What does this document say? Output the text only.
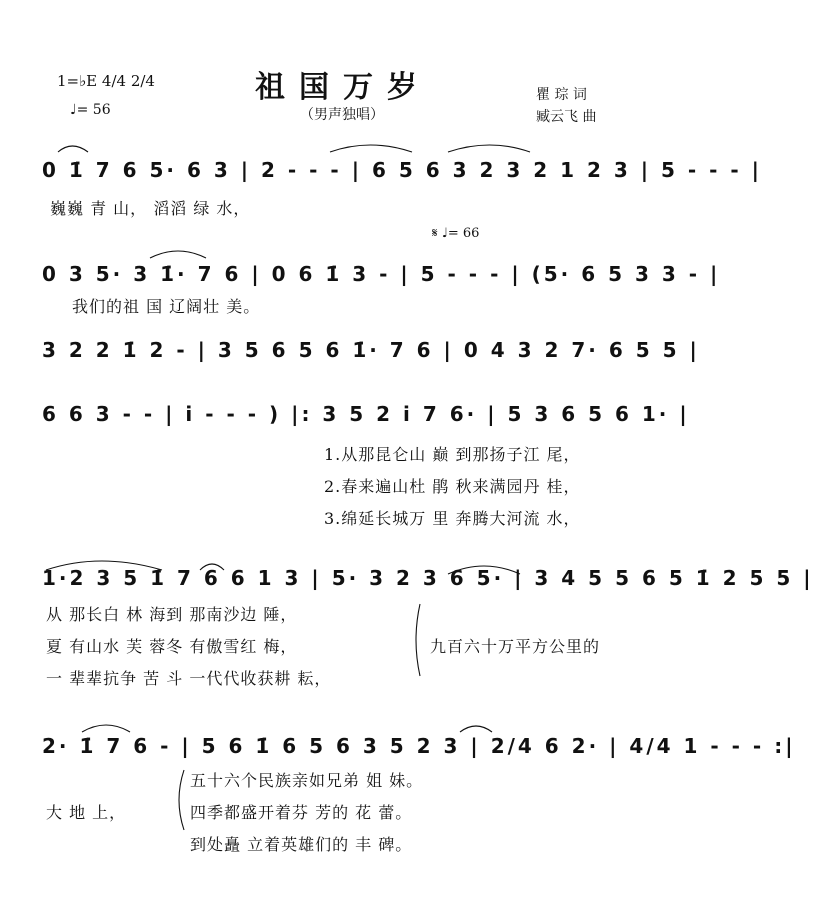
祖国万岁
（男声独唱）
1=♭E 4/4 2/4
♩= 56
瞿 琮 词
臧云飞 曲
0 1̇ 7 6 5· 6 3 | 2 - - - | 6 5 6 3 2 3 2 1 2 3 | 5 - - - |
巍巍 青 山， 滔滔 绿 水，
𝄋 ♩= 66
0 3 5· 3 1̇· 7 6 | 0 6 1̇ 3 - | 5 - - - | (5· 6 5 3 3 - |
我们的祖 国 辽阔壮 美。
3 2 2 1̇ 2 - | 3 5 6 5 6 1̇· 7 6 | 0 4 3 2 7· 6 5 5 |
6 6 3 - - | i - - - ) |: 3 5 2 i 7 6· | 5 3 6 5 6 1· |
1.从那昆仑山 巅 到那扬子江 尾，
2.春来遍山杜 鹃 秋来满园丹 桂，
3.绵延长城万 里 奔腾大河流 水，
1·2 3 5 1̇ 7 6 6 1 3 | 5· 3 2 3 6 5· | 3 4 5 5 6 5 1̇ 2 5 5 |
从 那长白 林 海到 那南沙边 陲，
夏 有山水 芙 蓉冬 有傲雪红 梅，
一 辈辈抗争 苦 斗 一代代收获耕 耘，
九百六十万平方公里的
2· 1̇ 7 6 - | 5 6 1̇ 6 5 6 3 5 2 3 | 2/4 6 2· | 4/4 1 - - - :|
大 地 上，
五十六个民族亲如兄弟 姐 妹。
四季都盛开着芬 芳的 花 蕾。
到处矗 立着英雄们的 丰 碑。
